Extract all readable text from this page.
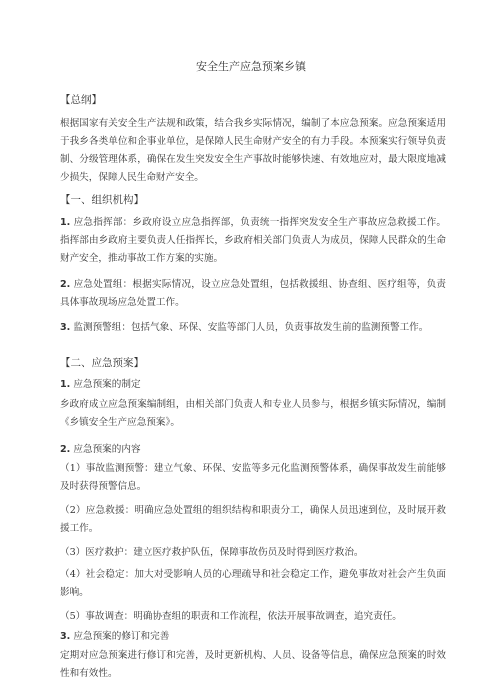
安全生产应急预案乡镇
【总纲】

根据国家有关安全生产法规和政策，结合我乡实际情况，编制了本应急预案。应急预案适用于我乡各类单位和企事业单位，是保障人民生命财产安全的有力手段。本预案实行领导负责制、分级管理体系，确保在发生突发安全生产事故时能够快速、有效地应对，最大限度地减少损失，保障人民生命财产安全。

【一、组织机构】

1. 应急指挥部：乡政府设立应急指挥部，负责统一指挥突发安全生产事故应急救援工作。指挥部由乡政府主要负责人任指挥长，乡政府相关部门负责人为成员，保障人民群众的生命财产安全，推动事故工作方案的实施。

2. 应急处置组：根据实际情况，设立应急处置组，包括救援组、协查组、医疗组等，负责具体事故现场应急处置工作。

3. 监测预警组：包括气象、环保、安监等部门人员，负责事故发生前的监测预警工作。

【二、应急预案】
1. 应急预案的制定

乡政府成立应急预案编制组，由相关部门负责人和专业人员参与，根据乡镇实际情况，编制《乡镇安全生产应急预案》。

2. 应急预案的内容

（1）事故监测预警：建立气象、环保、安监等多元化监测预警体系，确保事故发生前能够及时获得预警信息。

（2）应急救援：明确应急处置组的组织结构和职责分工，确保人员迅速到位，及时展开救援工作。

（3）医疗救护：建立医疗救护队伍，保障事故伤员及时得到医疗救治。

（4）社会稳定：加大对受影响人员的心理疏导和社会稳定工作，避免事故对社会产生负面影响。

（5）事故调查：明确协查组的职责和工作流程，依法开展事故调查，追究责任。

3. 应急预案的修订和完善

定期对应急预案进行修订和完善，及时更新机构、人员、设备等信息，确保应急预案的时效性和有效性。
